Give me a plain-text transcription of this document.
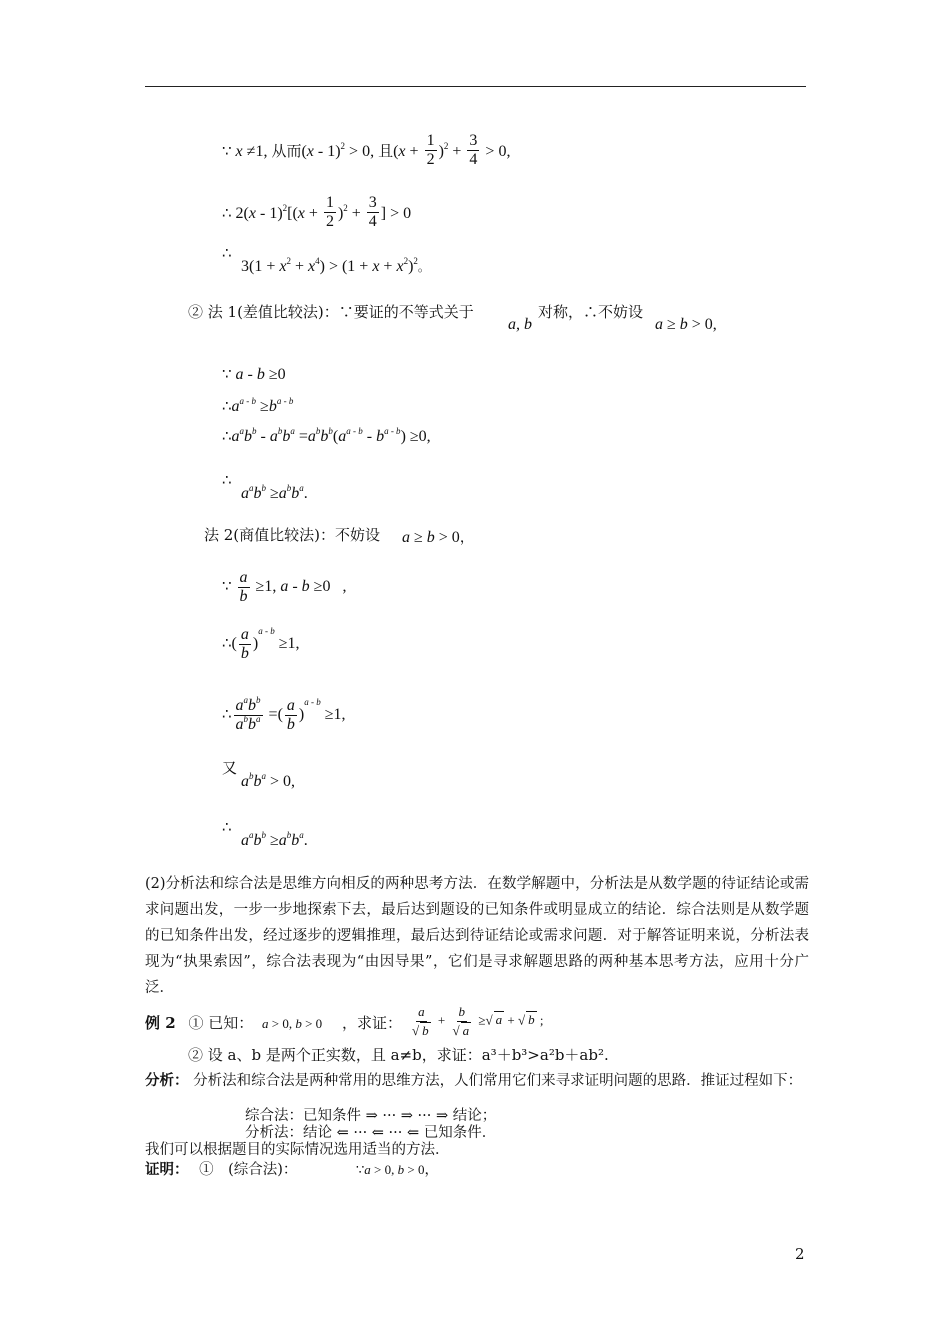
∵ x ≠1, 从而(x - 1)$^2$ > 0, 且$(x + \frac{1}{2} )^2 + \frac{3}{4} > 0$,
∴ $2(x - 1)^2[(x + \frac{1}{2} )^2 + \frac{3}{4}$ ] > 0
∴
$3(1 + x^2 + x^4) > (1 + x + x^2)^2$。
② 法 1(差值比较法)：∵要证的不等式关于
a, b
对称，∴不妨设
a ≥ b > 0,
∵ a - b ≥0
$\therefore a^{a - b} \ge b^{a - b}$
$\therefore a^ab^b - a^bb^a =a^bb^b(a^{a - b} - b^{a - b}) \ge 0$,
∴
$a^ab^b \ge a^bb^a$.
法 2(商值比较法)：不妨设 a ≥ b > 0，
∵ $\frac{a}{b} \ge 1$, a - b ≥0   ,
∴( $\frac{a}{b} )^{a - b} \ge 1$,
∴ $\frac{a^ab^b}{a^bb^a}$ =( $\frac{a}{b} )^{a - b} \ge 1$,
又
$a^bb^a > 0$,
∴
$a^ab^b \ge a^bb^a$.
(2)分析法和综合法是思维方向相反的两种思考方法．在数学解题中，分析法是从数学题的待证结论或需求问题出发，一步一步地探索下去，最后达到题设的已知条件或明显成立的结论．综合法则是从数学题的已知条件出发，经过逐步的逻辑推理，最后达到待证结论或需求问题．对于解答证明来说，分析法表现为“执果索因”，综合法表现为“由因导果”，它们是寻求解题思路的两种基本思考方法，应用十分广泛．
例 2 ① 已知： a > 0, b > 0 ，求证： $\frac{a}{√ b} + \frac{b}{√ a}$ ≥√ a + √ b ;
② 设 a、b 是两个正实数，且 a≠b，求证：a³＋b³>a²b＋ab².
分析： 分析法和综合法是两种常用的思维方法，人们常用它们来寻求证明问题的思路．推证过程如下：
综合法：已知条件 ⇒ ··· ⇒ ··· ⇒ 结论；
分析法：结论 ⇐ ··· ⇐ ··· ⇐ 已知条件．
我们可以根据题目的实际情况选用适当的方法．
证明： ①　(综合法)：	∵a > 0, b > 0，
2
